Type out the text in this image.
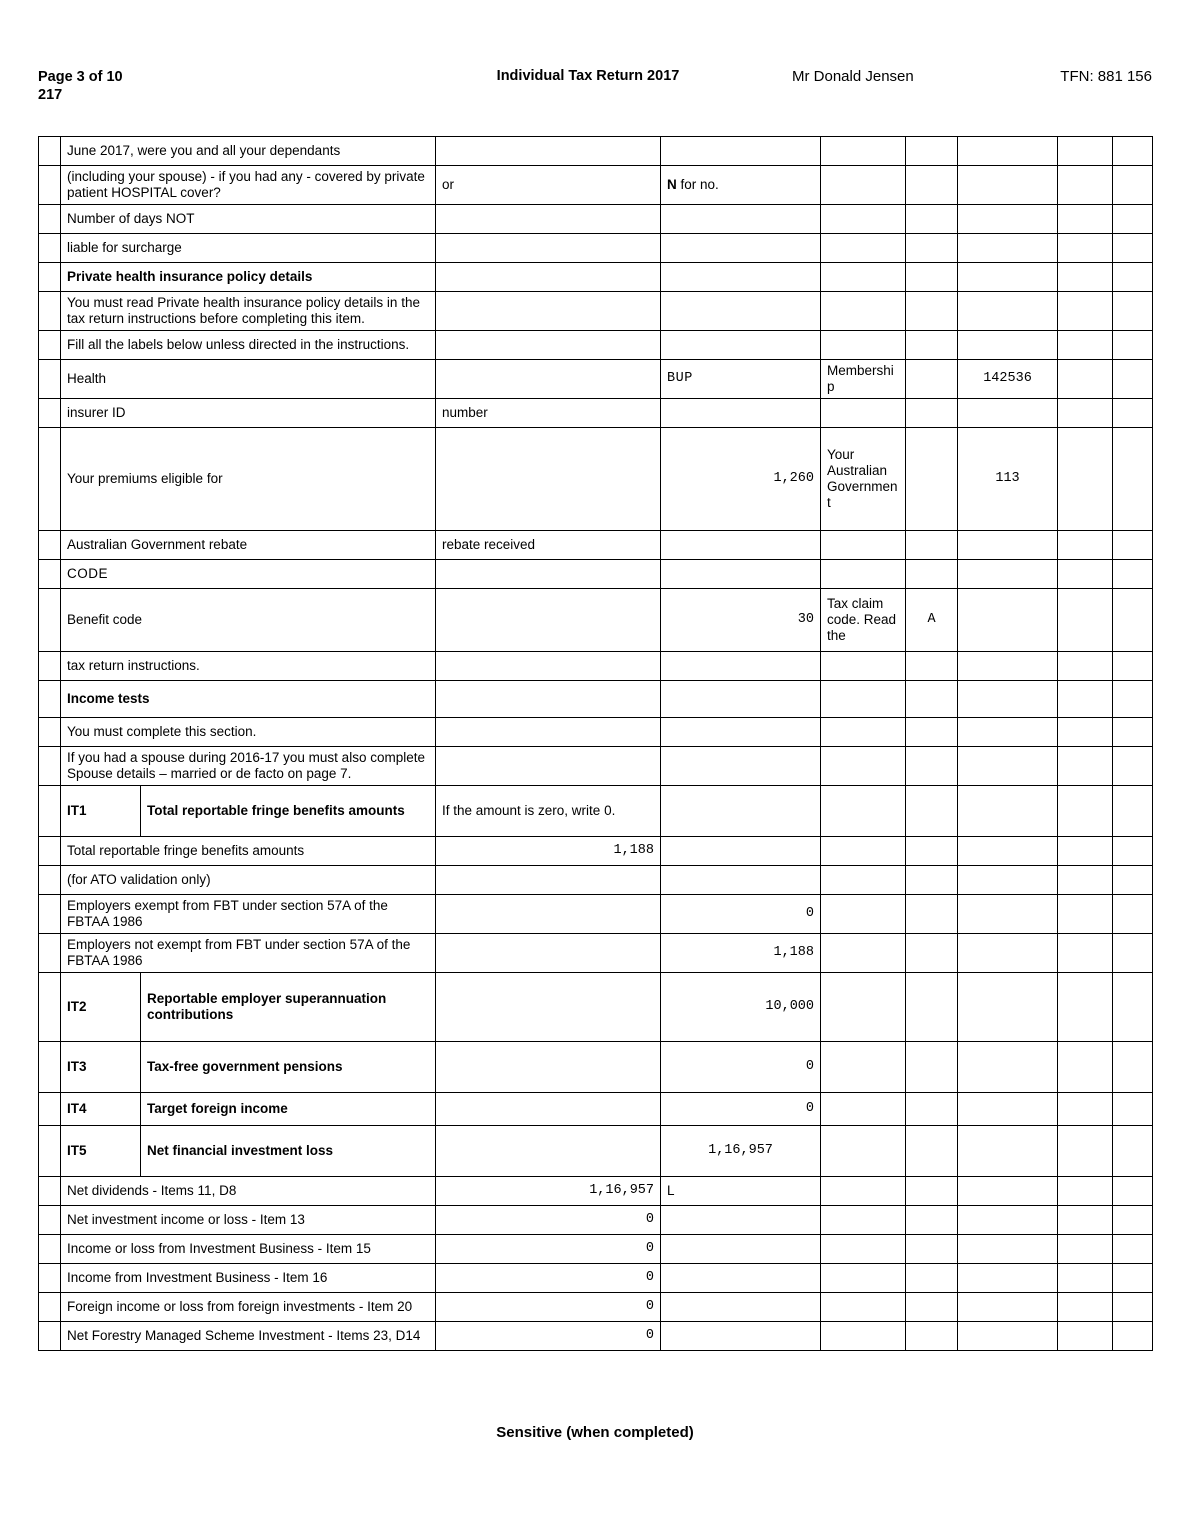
Page 3 of 10
217
Individual Tax Return 2017	Mr Donald Jensen	TFN: 881 156
	June 2017, were you and all your dependants								
	(including your spouse) - if you had any - covered by private patient HOSPITAL cover?		or	N for no.					
	Number of days NOT								
	liable for surcharge								
	Private health insurance policy details								
	You must read Private health insurance policy details in the tax return instructions before completing this item.								
	Fill all the labels below unless directed in the instructions.								
	Health			BUP	Membership		142536		
	insurer ID		number						
	Your premiums eligible for			1,260	Your Australian Government		113		
	Australian Government rebate		rebate received						
	CODE								
	Benefit code			30	Tax claim code. Read the	A			
	tax return instructions.								
	Income tests								
	You must complete this section.								
	If you had a spouse during 2016-17 you must also complete Spouse details – married or de facto on page 7.								
	IT1	Total reportable fringe benefits amounts	If the amount is zero, write 0.						
	Total reportable fringe benefits amounts		1,188						
	(for ATO validation only)								
	Employers exempt from FBT under section 57A of the FBTAA 1986			0					
	Employers not exempt from FBT under section 57A of the FBTAA 1986			1,188					
	IT2	Reportable employer superannuation contributions		10,000					
	IT3	Tax-free government pensions		0					
	IT4	Target foreign income		0					
	IT5	Net financial investment loss		1,16,957					
	Net dividends - Items 11, D8		1,16,957	L					
	Net investment income or loss - Item 13		0						
	Income or loss from Investment Business - Item 15		0						
	Income from Investment Business - Item 16		0						
	Foreign income or loss from foreign investments - Item 20		0						
	Net Forestry Managed Scheme Investment - Items 23, D14		0						
Sensitive (when completed)
